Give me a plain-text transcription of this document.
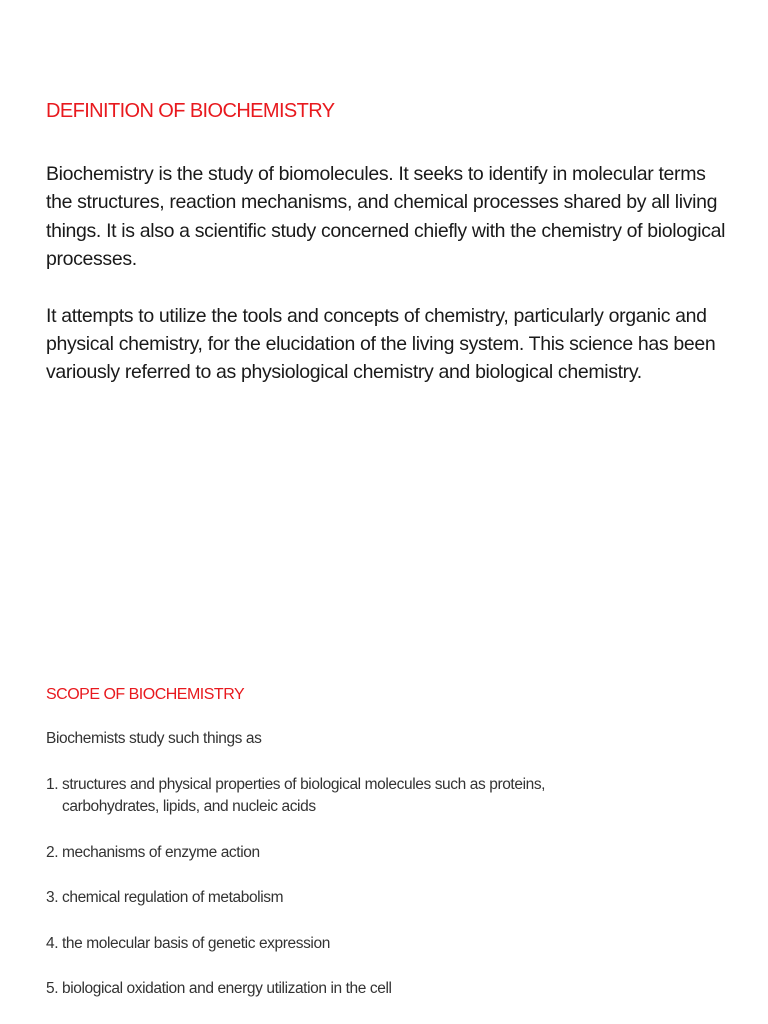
DEFINITION OF BIOCHEMISTRY

Biochemistry is the study of biomolecules. It seeks to identify in molecular terms the structures, reaction mechanisms, and chemical processes shared by all living things. It is also a scientific study concerned chiefly with the chemistry of biological processes.

It attempts to utilize the tools and concepts of chemistry, particularly organic and physical chemistry, for the elucidation of the living system. This science has been variously referred to as physiological chemistry and biological chemistry.

SCOPE OF BIOCHEMISTRY

Biochemists study such things as

1. structures and physical properties of biological molecules such as proteins, carbohydrates, lipids, and nucleic acids
2. mechanisms of enzyme action
3. chemical regulation of metabolism
4. the molecular basis of genetic expression
5. biological oxidation and energy utilization in the cell
